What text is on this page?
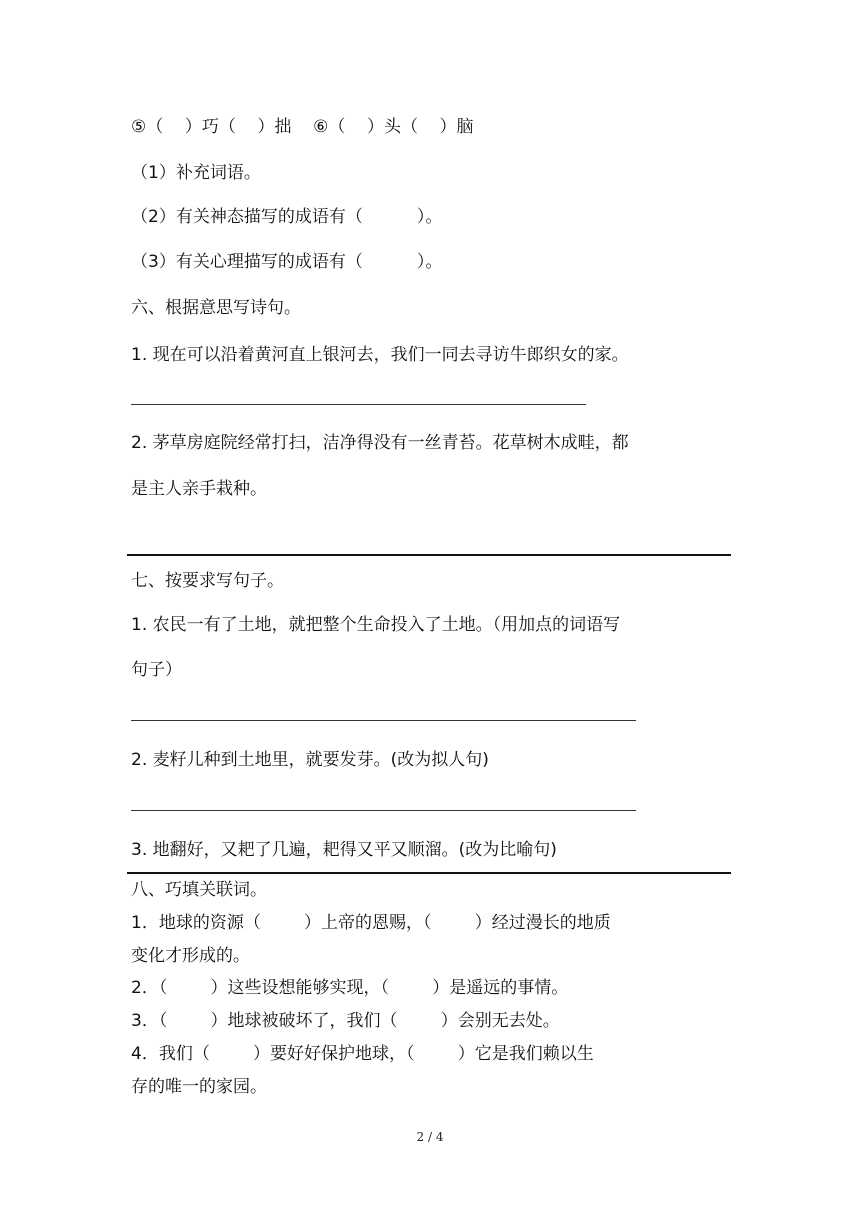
⑤（    ）巧（    ）拙    ⑥（    ）头（    ）脑
（1）补充词语。
（2）有关神态描写的成语有（          ）。
（3）有关心理描写的成语有（          ）。
六、根据意思写诗句。
1. 现在可以沿着黄河直上银河去，我们一同去寻访牛郎织女的家。
2. 茅草房庭院经常打扫，洁净得没有一丝青苔。花草树木成畦，都
是主人亲手栽种。
七、按要求写句子。
1. 农民一有了土地，就把整个生命投入了土地。（用加点的词语写
句子）
2. 麦籽儿种到土地里，就要发芽。(改为拟人句)
3. 地翻好，又耙了几遍，耙得又平又顺溜。(改为比喻句)
八、巧填关联词。
1．地球的资源（        ）上帝的恩赐，（        ）经过漫长的地质
变化才形成的。
2．（        ）这些设想能够实现，（        ）是遥远的事情。
3．（        ）地球被破坏了，我们（        ）会别无去处。
4．我们（        ）要好好保护地球，（        ）它是我们赖以生
存的唯一的家园。
2 / 4
